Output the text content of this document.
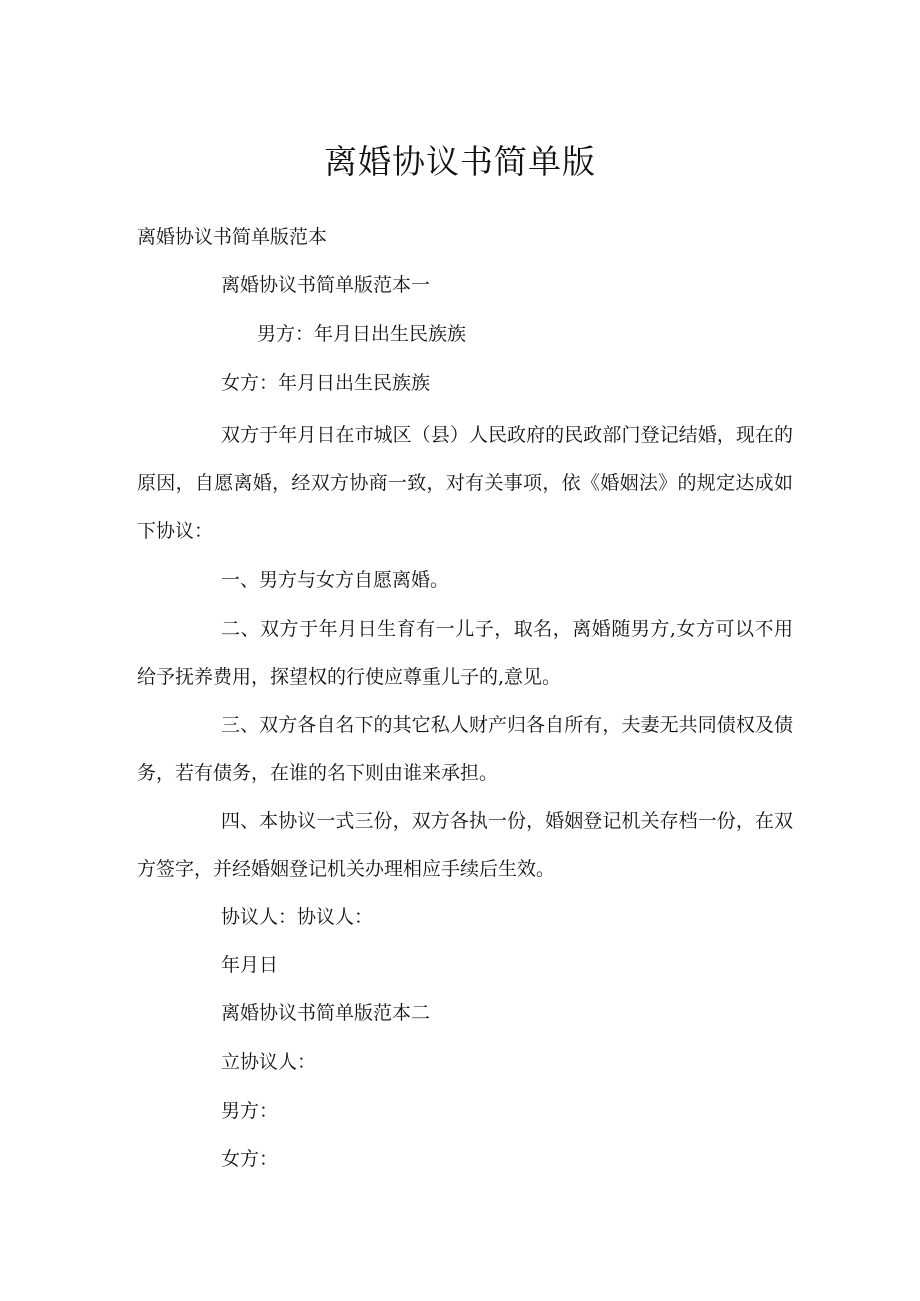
离婚协议书简单版

离婚协议书简单版范本

离婚协议书简单版范本一

男方：年月日出生民族族

女方：年月日出生民族族

双方于年月日在市城区（县）人民政府的民政部门登记结婚，现在的原因，自愿离婚，经双方协商一致，对有关事项，依《婚姻法》的规定达成如下协议：

一、男方与女方自愿离婚。

二、双方于年月日生育有一儿子，取名，离婚随男方,女方可以不用给予抚养费用，探望权的行使应尊重儿子的,意见。

三、双方各自名下的其它私人财产归各自所有，夫妻无共同债权及债务，若有债务，在谁的名下则由谁来承担。

四、本协议一式三份，双方各执一份，婚姻登记机关存档一份，在双方签字，并经婚姻登记机关办理相应手续后生效。

协议人：协议人：

年月日

离婚协议书简单版范本二

立协议人：

男方：

女方：
